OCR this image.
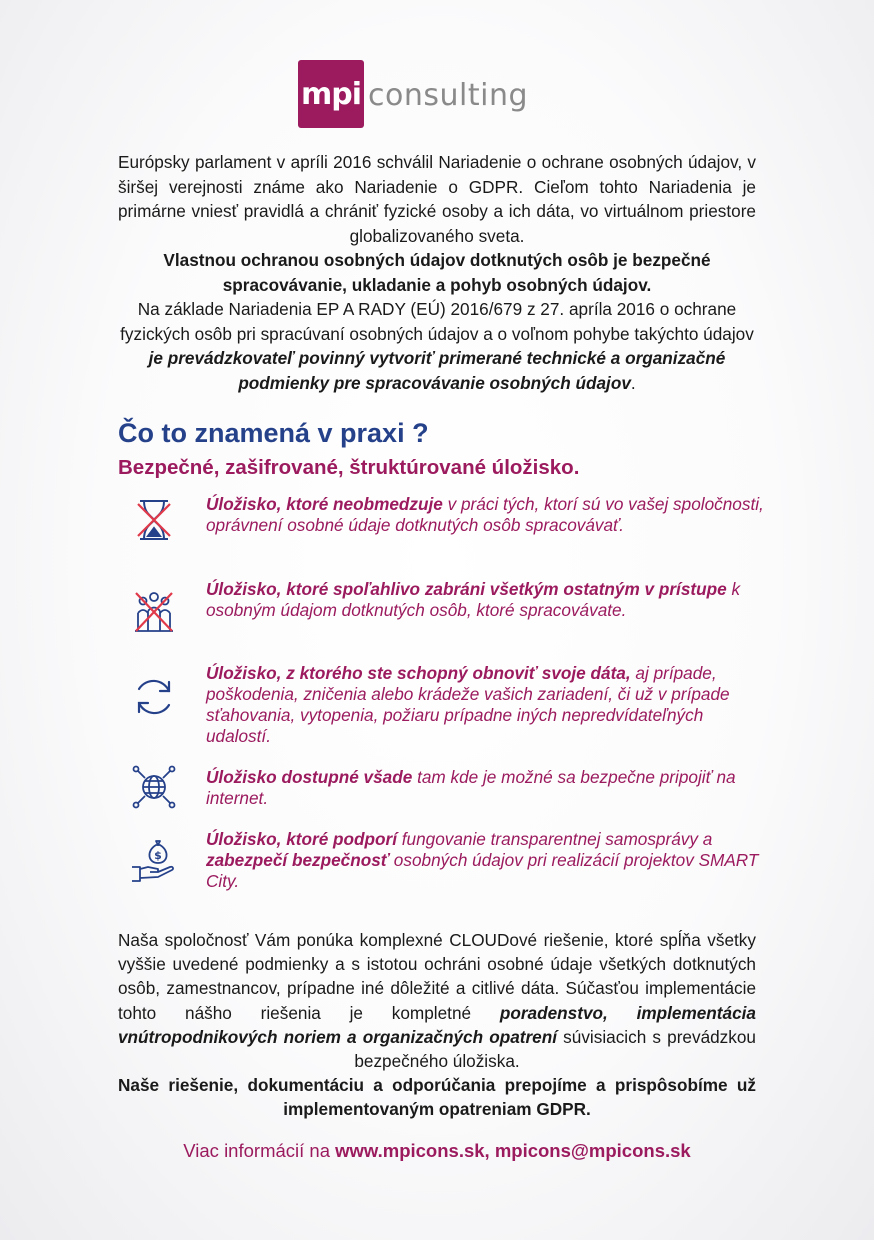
mpi consulting

Európsky parlament v apríli 2016 schválil Nariadenie o ochrane osobných údajov, v širšej verejnosti známe ako Nariadenie o GDPR. Cieľom tohto Nariadenia je primárne vniesť pravidlá a chrániť fyzické osoby a ich dáta, vo virtuálnom priestore globalizovaného sveta.

Vlastnou ochranou osobných údajov dotknutých osôb je bezpečné spracovávanie, ukladanie a pohyb osobných údajov.

Na základe Nariadenia EP A RADY (EÚ) 2016/679 z 27. apríla 2016 o ochrane fyzických osôb pri spracúvaní osobných údajov a o voľnom pohybe takýchto údajov je prevádzkovateľ povinný vytvoriť primerané technické a organizačné podmienky pre spracovávanie osobných údajov.

Čo to znamená v praxi ?
Bezpečné, zašifrované, štruktúrované úložisko.
Úložisko, ktoré neobmedzuje v práci tých, ktorí sú vo vašej spoločnosti, oprávnení osobné údaje dotknutých osôb spracovávať.
Úložisko, ktoré spoľahlivo zabráni všetkým ostatným v prístupe k osobným údajom dotknutých osôb, ktoré spracovávate.
Úložisko, z ktorého ste schopný obnoviť svoje dáta, aj prípade, poškodenia, zničenia alebo krádeže vašich zariadení, či už v prípade sťahovania, vytopenia, požiaru prípadne iných nepredvídateľných udalostí.
Úložisko dostupné všade tam kde je možné sa bezpečne pripojiť na internet.
$
Úložisko, ktoré podporí fungovanie transparentnej samosprávy a zabezpečí bezpečnosť osobných údajov pri realizácií projektov SMART City.

Naša spoločnosť Vám ponúka komplexné CLOUDové riešenie, ktoré spĺňa všetky vyššie uvedené podmienky a s istotou ochráni osobné údaje všetkých dotknutých osôb, zamestnancov, prípadne iné dôležité a citlivé dáta. Súčasťou implementácie tohto nášho riešenia je kompletné poradenstvo, implementácia vnútropodnikových noriem a organizačných opatrení súvisiacich s prevádzkou bezpečného úložiska.

Naše riešenie, dokumentáciu a odporúčania prepojíme a prispôsobíme už implementovaným opatreniam GDPR.

Viac informácií na www.mpicons.sk, mpicons@mpicons.sk
